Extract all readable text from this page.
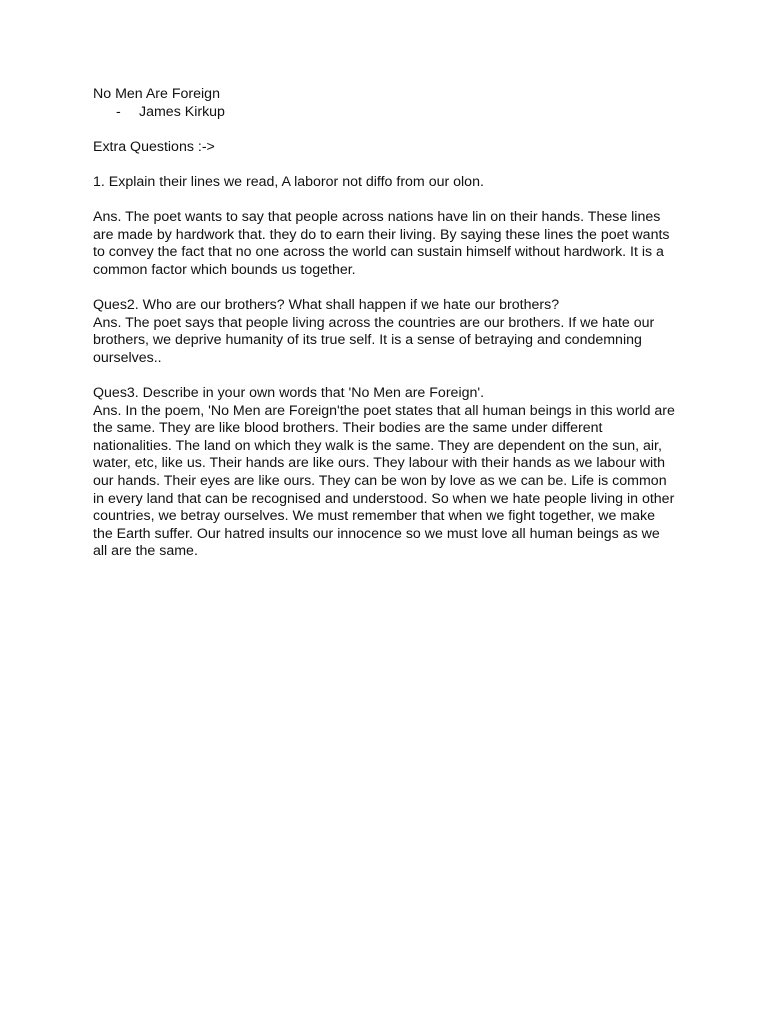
No Men Are Foreign
- James Kirkup
Extra Questions :->
1. Explain their lines we read, A laboror not diffo from our olon.
Ans. The poet wants to say that people across nations have lin on their hands. These lines
are made by hardwork that. they do to earn their living. By saying these lines the poet wants
to convey the fact that no one across the world can sustain himself without hardwork. It is a
common factor which bounds us together.
Ques2. Who are our brothers? What shall happen if we hate our brothers?
Ans. The poet says that people living across the countries are our brothers. If we hate our
brothers, we deprive humanity of its true self. It is a sense of betraying and condemning
ourselves..
Ques3. Describe in your own words that 'No Men are Foreign'.
Ans. In the poem, 'No Men are Foreign'the poet states that all human beings in this world are
the same. They are like blood brothers. Their bodies are the same under different
nationalities. The land on which they walk is the same. They are dependent on the sun, air,
water, etc, like us. Their hands are like ours. They labour with their hands as we labour with
our hands. Their eyes are like ours. They can be won by love as we can be. Life is common
in every land that can be recognised and understood. So when we hate people living in other
countries, we betray ourselves. We must remember that when we fight together, we make
the Earth suffer. Our hatred insults our innocence so we must love all human beings as we
all are the same.
